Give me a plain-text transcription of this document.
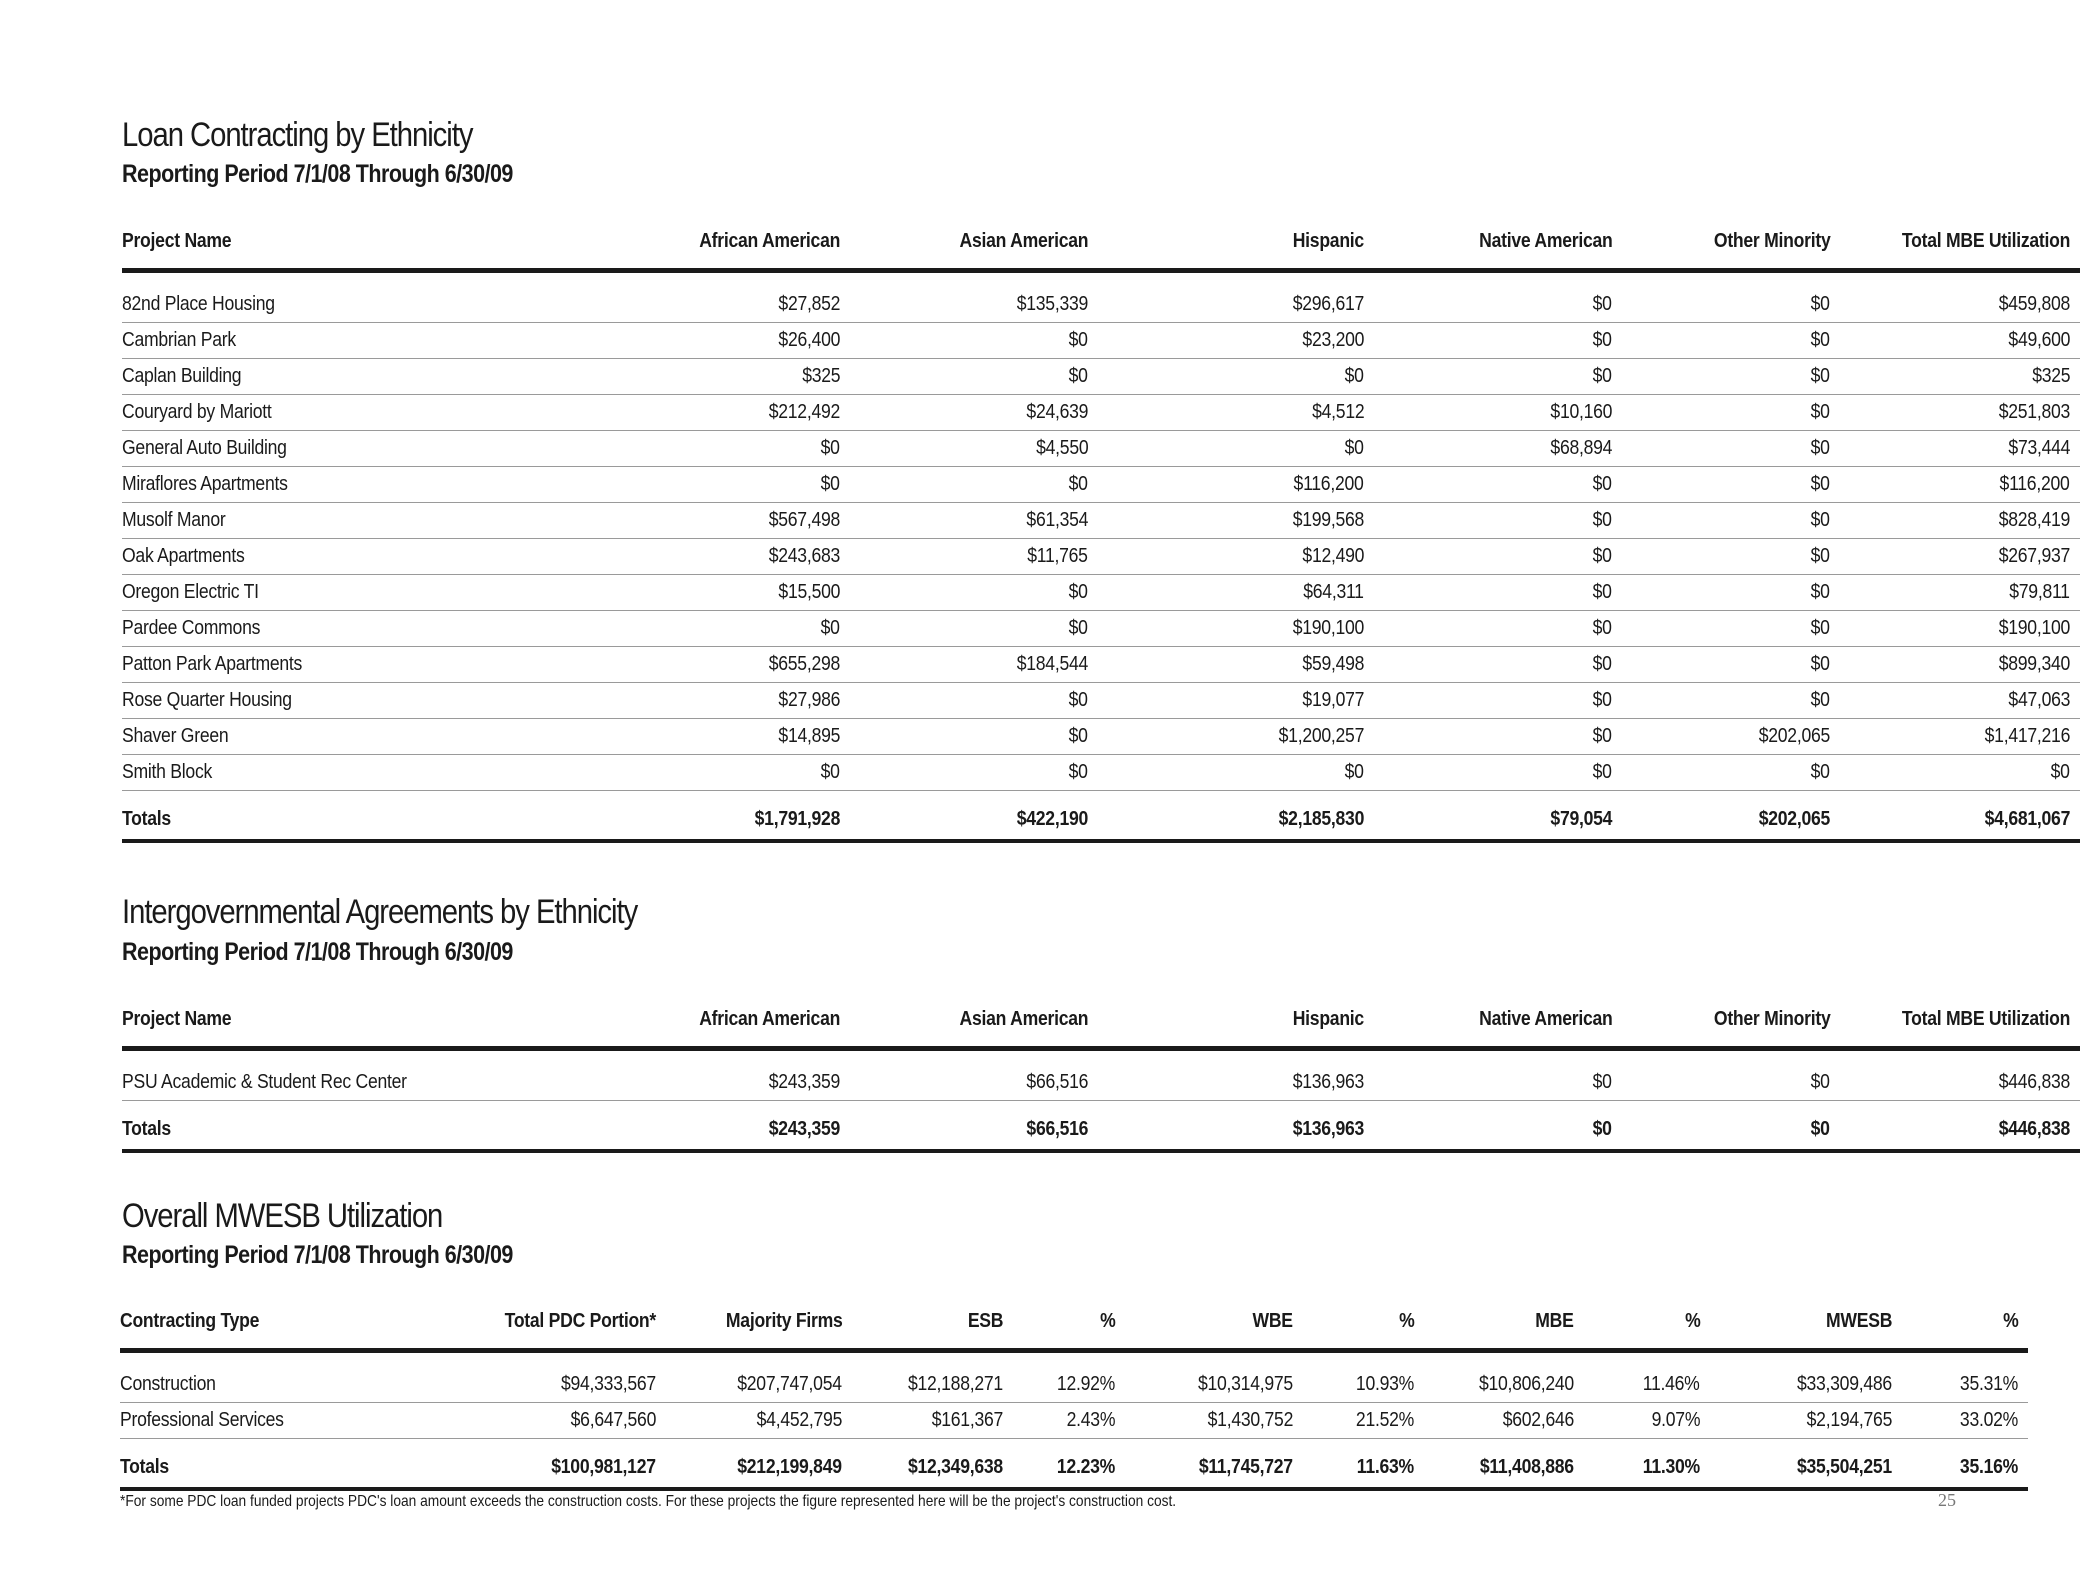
Loan Contracting by Ethnicity
Reporting Period 7/1/08 Through 6/30/09
Project Name	African American	Asian American	Hispanic	Native American	Other Minority	Total MBE Utilization

82nd Place Housing	$27,852	$135,339	$296,617	$0	$0	$459,808
Cambrian Park	$26,400	$0	$23,200	$0	$0	$49,600
Caplan Building	$325	$0	$0	$0	$0	$325
Couryard by Mariott	$212,492	$24,639	$4,512	$10,160	$0	$251,803
General Auto Building	$0	$4,550	$0	$68,894	$0	$73,444
Miraflores Apartments	$0	$0	$116,200	$0	$0	$116,200
Musolf Manor	$567,498	$61,354	$199,568	$0	$0	$828,419
Oak Apartments	$243,683	$11,765	$12,490	$0	$0	$267,937
Oregon Electric TI	$15,500	$0	$64,311	$0	$0	$79,811
Pardee Commons	$0	$0	$190,100	$0	$0	$190,100
Patton Park Apartments	$655,298	$184,544	$59,498	$0	$0	$899,340
Rose Quarter Housing	$27,986	$0	$19,077	$0	$0	$47,063
Shaver Green	$14,895	$0	$1,200,257	$0	$202,065	$1,417,216
Smith Block	$0	$0	$0	$0	$0	$0
Totals	$1,791,928	$422,190	$2,185,830	$79,054	$202,065	$4,681,067
Intergovernmental Agreements by Ethnicity
Reporting Period 7/1/08 Through 6/30/09
Project Name	African American	Asian American	Hispanic	Native American	Other Minority	Total MBE Utilization

PSU Academic & Student Rec Center	$243,359	$66,516	$136,963	$0	$0	$446,838
Totals	$243,359	$66,516	$136,963	$0	$0	$446,838
Overall MWESB Utilization
Reporting Period 7/1/08 Through 6/30/09
Contracting Type	Total PDC Portion*	Majority Firms	ESB	%	WBE	%	MBE	%	MWESB	%

Construction	$94,333,567	$207,747,054	$12,188,271	12.92%	$10,314,975	10.93%	$10,806,240	11.46%	$33,309,486	35.31%
Professional Services	$6,647,560	$4,452,795	$161,367	2.43%	$1,430,752	21.52%	$602,646	9.07%	$2,194,765	33.02%
Totals	$100,981,127	$212,199,849	$12,349,638	12.23%	$11,745,727	11.63%	$11,408,886	11.30%	$35,504,251	35.16%
*For some PDC loan funded projects PDC's loan amount exceeds the construction costs. For these projects the figure represented here will be the project's construction cost.	25
